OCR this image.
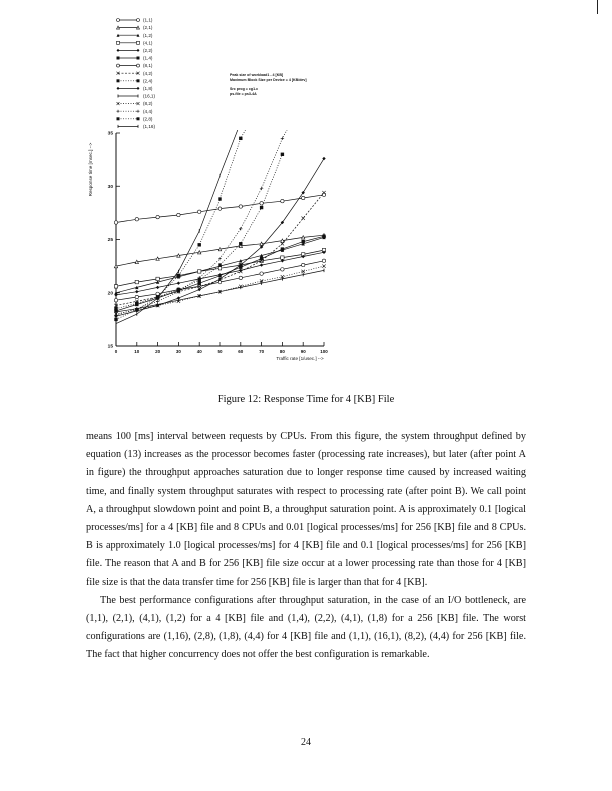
0	10	20	30	40	50	60	70	80	90	100
15
20
25
30
35
Traffic rate [1/usec.] -->
Response time [msec.] -->
(1,1)
(2,1)
(1,2)
(4,1)
(2,2)
(1,4)
(8,1)
(4,2)
(2,4)
(1,8)
(16,1)
(8,2)
(4,4)
(2,8)
(1,16)
Peak size of workload1 - 4 [KB]
Maximum Block Size per Device = 4 [KB/dev]
Src prog = cg1.c
ps-file = ps3-4A
Figure 12: Response Time for 4 [KB] File

means 100 [ms] interval between requests by CPUs. From this figure, the system throughput defined by equation (13) increases as the processor becomes faster (processing rate increases), but later (after point A in figure) the throughput approaches saturation due to longer response time caused by increased waiting time, and finally system throughput saturates with respect to processing rate (after point B). We call point A, a throughput slowdown point and point B, a throughput saturation point. A is approximately 0.1 [logical processes/ms] for a 4 [KB] file and 8 CPUs and 0.01 [logical processes/ms] for 256 [KB] file and 8 CPUs. B is approximately 1.0 [logical processes/ms] for 4 [KB] file and 0.1 [logical processes/ms] for 256 [KB] file. The reason that A and B for 256 [KB] file size occur at a lower processing rate than those for 4 [KB] file size is that the data transfer time for 256 [KB] file is larger than that for 4 [KB].

The best performance configurations after throughput saturation, in the case of an I/O bottleneck, are (1,1), (2,1), (4,1), (1,2) for a 4 [KB] file and (1,4), (2,2), (4,1), (1,8) for a 256 [KB] file. The worst configurations are (1,16), (2,8), (1,8), (4,4) for 4 [KB] file and (1,1), (16,1), (8,2), (4,4) for 256 [KB] file. The fact that higher concurrency does not offer the best configuration is remarkable.

24
